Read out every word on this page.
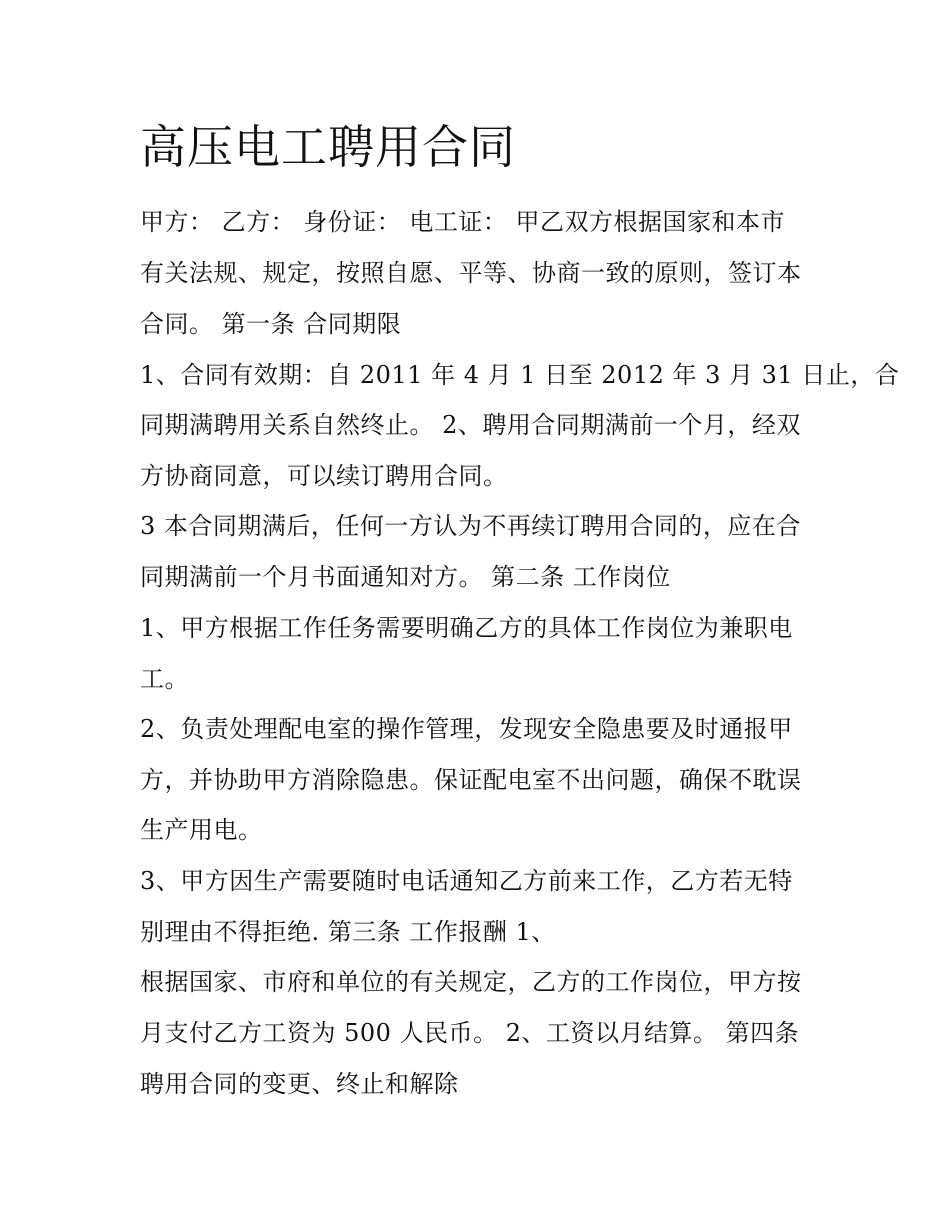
高压电工聘用合同
甲方： 乙方： 身份证： 电工证： 甲乙双方根据国家和本市
有关法规、规定，按照自愿、平等、协商一致的原则，签订本
合同。 第一条 合同期限
1、合同有效期：自 2011 年 4 月 1 日至 2012 年 3 月 31 日止，合
同期满聘用关系自然终止。 2、聘用合同期满前一个月，经双
方协商同意，可以续订聘用合同。
3 本合同期满后，任何一方认为不再续订聘用合同的，应在合
同期满前一个月书面通知对方。 第二条 工作岗位
1、甲方根据工作任务需要明确乙方的具体工作岗位为兼职电
工。
2、负责处理配电室的操作管理，发现安全隐患要及时通报甲
方，并协助甲方消除隐患。保证配电室不出问题，确保不耽误
生产用电。
3、甲方因生产需要随时电话通知乙方前来工作，乙方若无特
别理由不得拒绝. 第三条 工作报酬 1、
根据国家、市府和单位的有关规定，乙方的工作岗位，甲方按
月支付乙方工资为 500 人民币。 2、工资以月结算。 第四条
聘用合同的变更、终止和解除
